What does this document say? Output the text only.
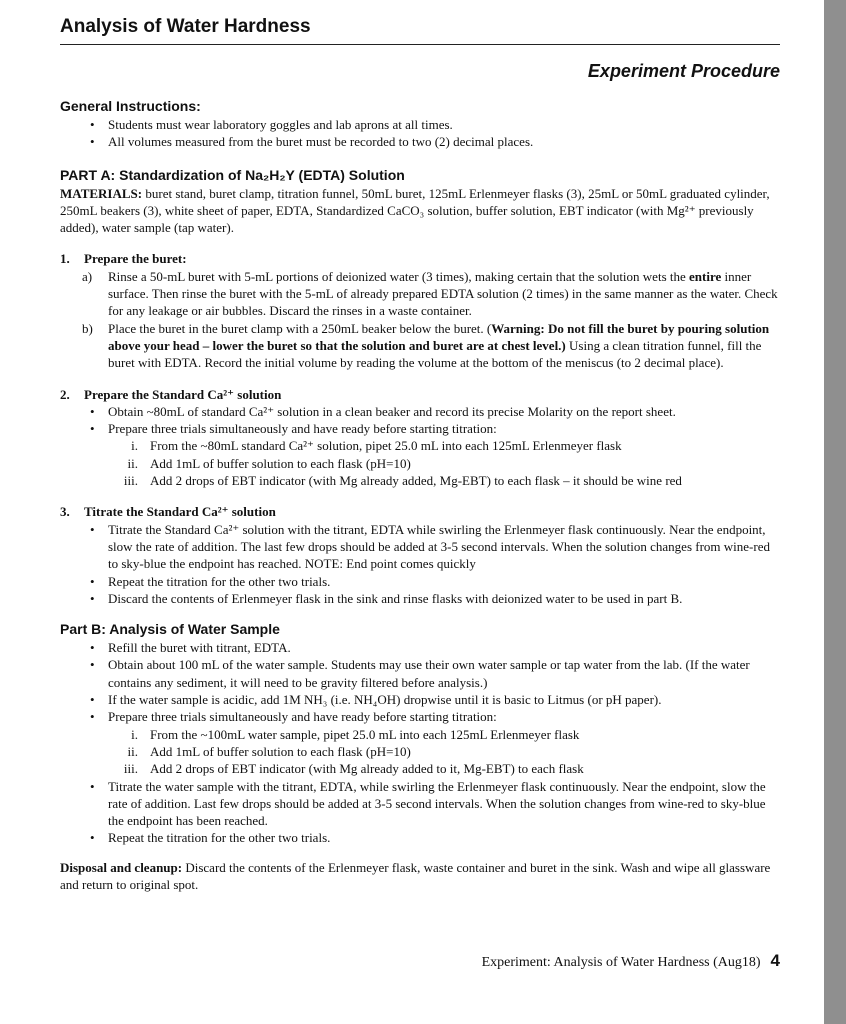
Analysis of Water Hardness
Experiment Procedure
General Instructions:
• Students must wear laboratory goggles and lab aprons at all times.
• All volumes measured from the buret must be recorded to two (2) decimal places.
PART A: Standardization of Na₂H₂Y (EDTA) Solution
MATERIALS: buret stand, buret clamp, titration funnel, 50mL buret, 125mL Erlenmeyer flasks (3), 25mL or 50mL graduated cylinder, 250mL beakers (3), white sheet of paper, EDTA, Standardized CaCO₃ solution, buffer solution, EBT indicator (with Mg²⁺ previously added), water sample (tap water).
1. Prepare the buret:
a) Rinse a 50-mL buret with 5-mL portions of deionized water (3 times), making certain that the solution wets the entire inner surface. Then rinse the buret with the 5-mL of already prepared EDTA solution (2 times) in the same manner as the water. Check for any leakage or air bubbles. Discard the rinses in a waste container.
b) Place the buret in the buret clamp with a 250mL beaker below the buret. (Warning: Do not fill the buret by pouring solution above your head – lower the buret so that the solution and buret are at chest level.) Using a clean titration funnel, fill the buret with EDTA. Record the initial volume by reading the volume at the bottom of the meniscus (to 2 decimal place).
2. Prepare the Standard Ca²⁺ solution
• Obtain ~80mL of standard Ca²⁺ solution in a clean beaker and record its precise Molarity on the report sheet.
• Prepare three trials simultaneously and have ready before starting titration:
i. From the ~80mL standard Ca²⁺ solution, pipet 25.0 mL into each 125mL Erlenmeyer flask
ii. Add 1mL of buffer solution to each flask (pH=10)
iii. Add 2 drops of EBT indicator (with Mg already added, Mg-EBT) to each flask – it should be wine red
3. Titrate the Standard Ca²⁺ solution
• Titrate the Standard Ca²⁺ solution with the titrant, EDTA while swirling the Erlenmeyer flask continuously. Near the endpoint, slow the rate of addition. The last few drops should be added at 3-5 second intervals. When the solution changes from wine-red to sky-blue the endpoint has reached. NOTE: End point comes quickly
• Repeat the titration for the other two trials.
• Discard the contents of Erlenmeyer flask in the sink and rinse flasks with deionized water to be used in part B.
Part B: Analysis of Water Sample
• Refill the buret with titrant, EDTA.
• Obtain about 100 mL of the water sample. Students may use their own water sample or tap water from the lab. (If the water contains any sediment, it will need to be gravity filtered before analysis.)
• If the water sample is acidic, add 1M NH₃ (i.e. NH₄OH) dropwise until it is basic to Litmus (or pH paper).
• Prepare three trials simultaneously and have ready before starting titration:
i. From the ~100mL water sample, pipet 25.0 mL into each 125mL Erlenmeyer flask
ii. Add 1mL of buffer solution to each flask (pH=10)
iii. Add 2 drops of EBT indicator (with Mg already added to it, Mg-EBT) to each flask
• Titrate the water sample with the titrant, EDTA, while swirling the Erlenmeyer flask continuously. Near the endpoint, slow the rate of addition. Last few drops should be added at 3-5 second intervals. When the solution changes from wine-red to sky-blue the endpoint has been reached.
• Repeat the titration for the other two trials.
Disposal and cleanup: Discard the contents of the Erlenmeyer flask, waste container and buret in the sink. Wash and wipe all glassware and return to original spot.
Experiment: Analysis of Water Hardness (Aug18) 4
